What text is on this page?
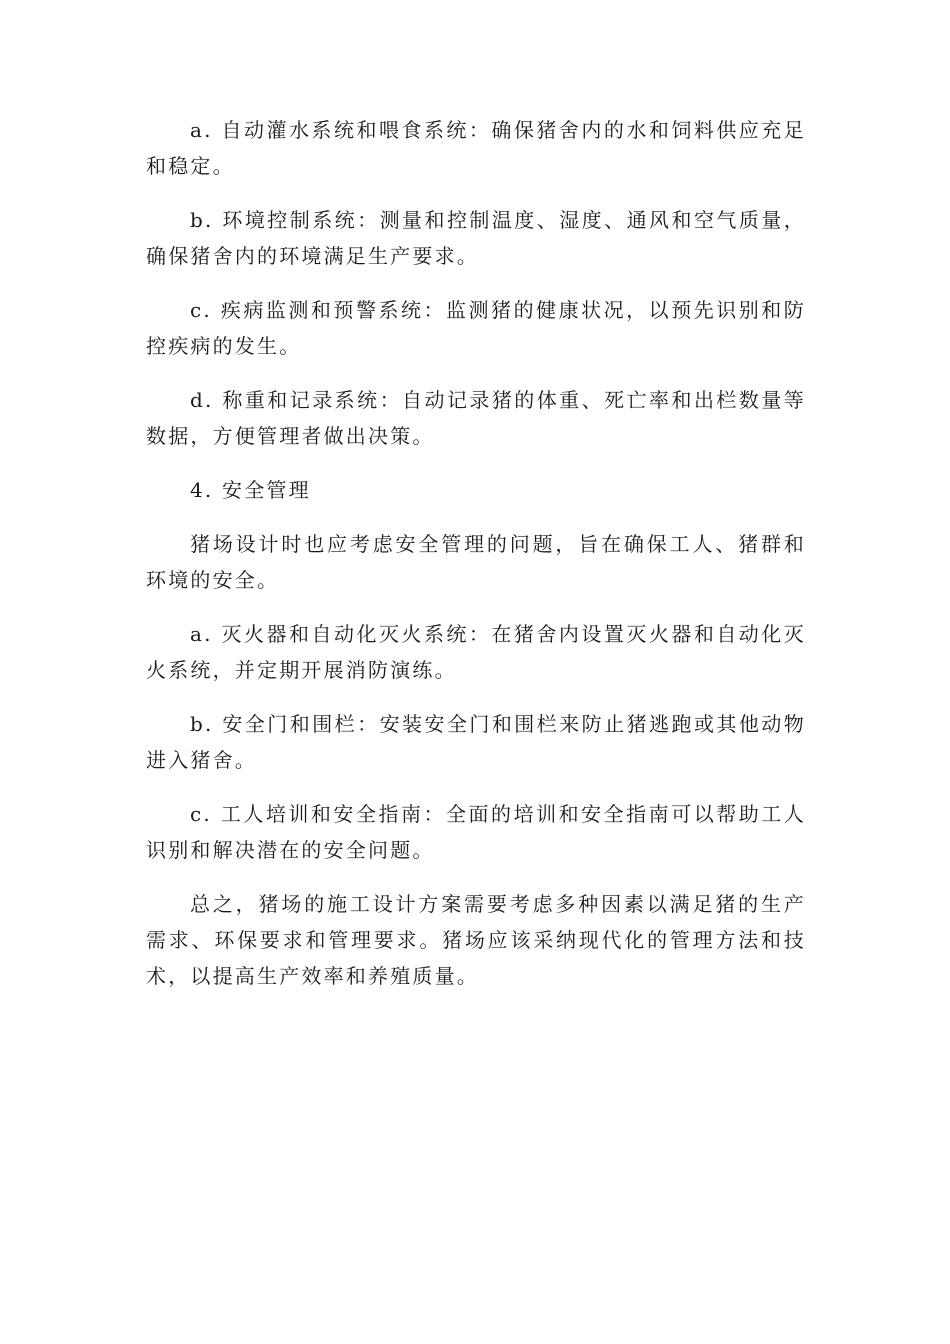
a. 自动灌水系统和喂食系统：确保猪舍内的水和饲料供应充足和稳定。

b. 环境控制系统：测量和控制温度、湿度、通风和空气质量，确保猪舍内的环境满足生产要求。

c. 疾病监测和预警系统：监测猪的健康状况，以预先识别和防控疾病的发生。

d. 称重和记录系统：自动记录猪的体重、死亡率和出栏数量等数据，方便管理者做出决策。

4. 安全管理

猪场设计时也应考虑安全管理的问题，旨在确保工人、猪群和环境的安全。

a. 灭火器和自动化灭火系统：在猪舍内设置灭火器和自动化灭火系统，并定期开展消防演练。

b. 安全门和围栏：安装安全门和围栏来防止猪逃跑或其他动物进入猪舍。

c. 工人培训和安全指南：全面的培训和安全指南可以帮助工人识别和解决潜在的安全问题。

总之，猪场的施工设计方案需要考虑多种因素以满足猪的生产需求、环保要求和管理要求。猪场应该采纳现代化的管理方法和技术，以提高生产效率和养殖质量。
